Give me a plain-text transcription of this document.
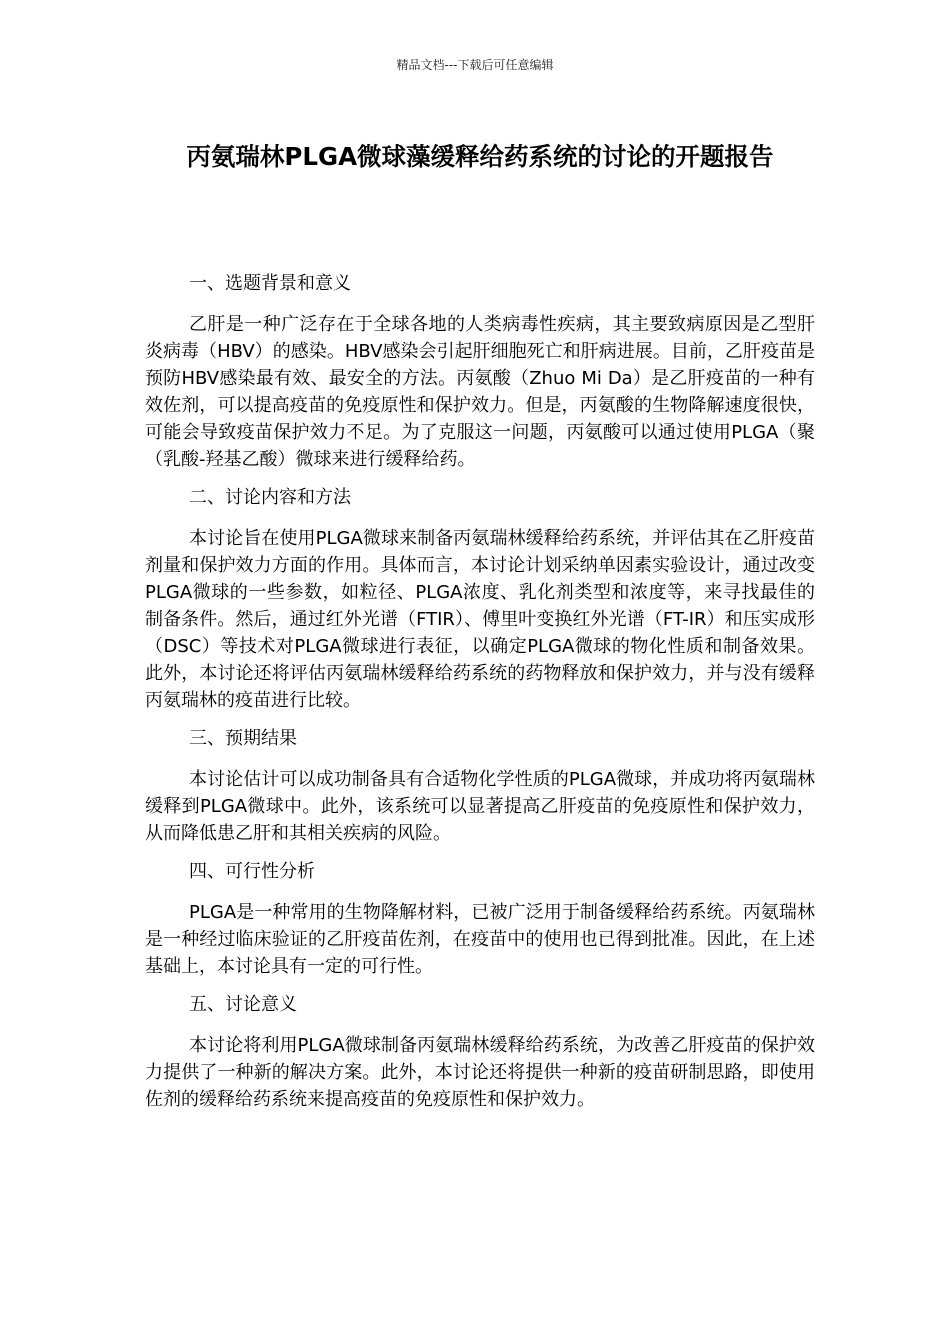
精品文档---下载后可任意编辑
丙氨瑞林PLGA微球藻缓释给药系统的讨论的开题报告

一、选题背景和意义

乙肝是一种广泛存在于全球各地的人类病毒性疾病，其主要致病原因是乙型肝炎病毒（HBV）的感染。HBV感染会引起肝细胞死亡和肝病进展。目前，乙肝疫苗是预防HBV感染最有效、最安全的方法。丙氨酸（Zhuo Mi Da）是乙肝疫苗的一种有效佐剂，可以提高疫苗的免疫原性和保护效力。但是，丙氨酸的生物降解速度很快，可能会导致疫苗保护效力不足。为了克服这一问题，丙氨酸可以通过使用PLGA（聚（乳酸-羟基乙酸）微球来进行缓释给药。

二、讨论内容和方法

本讨论旨在使用PLGA微球来制备丙氨瑞林缓释给药系统，并评估其在乙肝疫苗剂量和保护效力方面的作用。具体而言，本讨论计划采纳单因素实验设计，通过改变PLGA微球的一些参数，如粒径、PLGA浓度、乳化剂类型和浓度等，来寻找最佳的制备条件。然后，通过红外光谱（FTIR）、傅里叶变换红外光谱（FT-IR）和压实成形（DSC）等技术对PLGA微球进行表征，以确定PLGA微球的物化性质和制备效果。此外，本讨论还将评估丙氨瑞林缓释给药系统的药物释放和保护效力，并与没有缓释丙氨瑞林的疫苗进行比较。

三、预期结果

本讨论估计可以成功制备具有合适物化学性质的PLGA微球，并成功将丙氨瑞林缓释到PLGA微球中。此外，该系统可以显著提高乙肝疫苗的免疫原性和保护效力，从而降低患乙肝和其相关疾病的风险。

四、可行性分析

PLGA是一种常用的生物降解材料，已被广泛用于制备缓释给药系统。丙氨瑞林是一种经过临床验证的乙肝疫苗佐剂，在疫苗中的使用也已得到批准。因此，在上述基础上，本讨论具有一定的可行性。

五、讨论意义

本讨论将利用PLGA微球制备丙氨瑞林缓释给药系统，为改善乙肝疫苗的保护效力提供了一种新的解决方案。此外，本讨论还将提供一种新的疫苗研制思路，即使用佐剂的缓释给药系统来提高疫苗的免疫原性和保护效力。
